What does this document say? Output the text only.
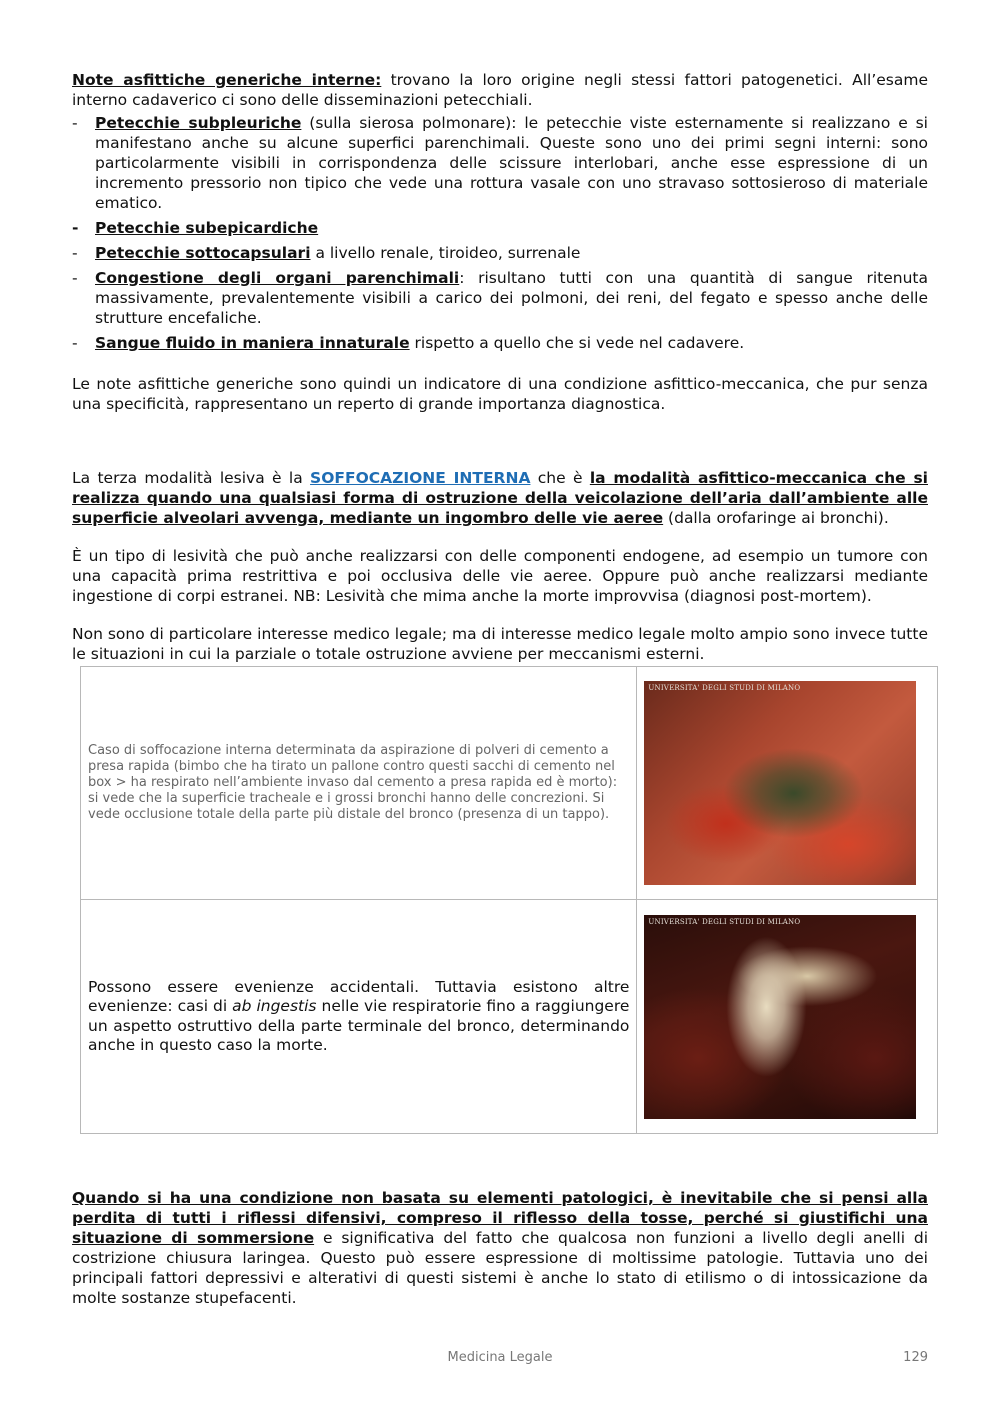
Note asfittiche generiche interne: trovano la loro origine negli stessi fattori patogenetici. All’esame interno cadaverico ci sono delle disseminazioni petecchiali.

- Petecchie subpleuriche (sulla sierosa polmonare): le petecchie viste esternamente si realizzano e si manifestano anche su alcune superfici parenchimali. Queste sono uno dei primi segni interni: sono particolarmente visibili in corrispondenza delle scissure interlobari, anche esse espressione di un incremento pressorio non tipico che vede una rottura vasale con uno stravaso sottosieroso di materiale ematico.
- Petecchie subepicardiche
- Petecchie sottocapsulari a livello renale, tiroideo, surrenale
- Congestione degli organi parenchimali: risultano tutti con una quantità di sangue ritenuta massivamente, prevalentemente visibili a carico dei polmoni, dei reni, del fegato e spesso anche delle strutture encefaliche.
- Sangue fluido in maniera innaturale rispetto a quello che si vede nel cadavere.

Le note asfittiche generiche sono quindi un indicatore di una condizione asfittico-meccanica, che pur senza una specificità, rappresentano un reperto di grande importanza diagnostica.

La terza modalità lesiva è la SOFFOCAZIONE INTERNA che è la modalità asfittico-meccanica che si realizza quando una qualsiasi forma di ostruzione della veicolazione dell’aria dall’ambiente alle superficie alveolari avvenga, mediante un ingombro delle vie aeree (dalla orofaringe ai bronchi).

È un tipo di lesività che può anche realizzarsi con delle componenti endogene, ad esempio un tumore con una capacità prima restrittiva e poi occlusiva delle vie aeree. Oppure può anche realizzarsi mediante ingestione di corpi estranei. NB: Lesività che mima anche la morte improvvisa (diagnosi post-mortem).

Non sono di particolare interesse medico legale; ma di interesse medico legale molto ampio sono invece tutte le situazioni in cui la parziale o totale ostruzione avviene per meccanismi esterni.

Caso di soffocazione interna determinata da aspirazione di polveri di cemento a presa rapida (bimbo che ha tirato un pallone contro questi sacchi di cemento nel box > ha respirato nell’ambiente invaso dal cemento a presa rapida ed è morto): si vede che la superficie tracheale e i grossi bronchi hanno delle concrezioni. Si vede occlusione totale della parte più distale del bronco (presenza di un tappo).	UNIVERSITA' DEGLI STUDI DI MILANO

Possono essere evenienze accidentali. Tuttavia esistono altre evenienze: casi di ab ingestis nelle vie respiratorie fino a raggiungere un aspetto ostruttivo della parte terminale del bronco, determinando anche in questo caso la morte.	UNIVERSITA' DEGLI STUDI DI MILANO

Quando si ha una condizione non basata su elementi patologici, è inevitabile che si pensi alla perdita di tutti i riflessi difensivi, compreso il riflesso della tosse, perché si giustifichi una situazione di sommersione e significativa del fatto che qualcosa non funzioni a livello degli anelli di costrizione chiusura laringea. Questo può essere espressione di moltissime patologie. Tuttavia uno dei principali fattori depressivi e alterativi di questi sistemi è anche lo stato di etilismo o di intossicazione da molte sostanze stupefacenti.

Medicina Legale	129
